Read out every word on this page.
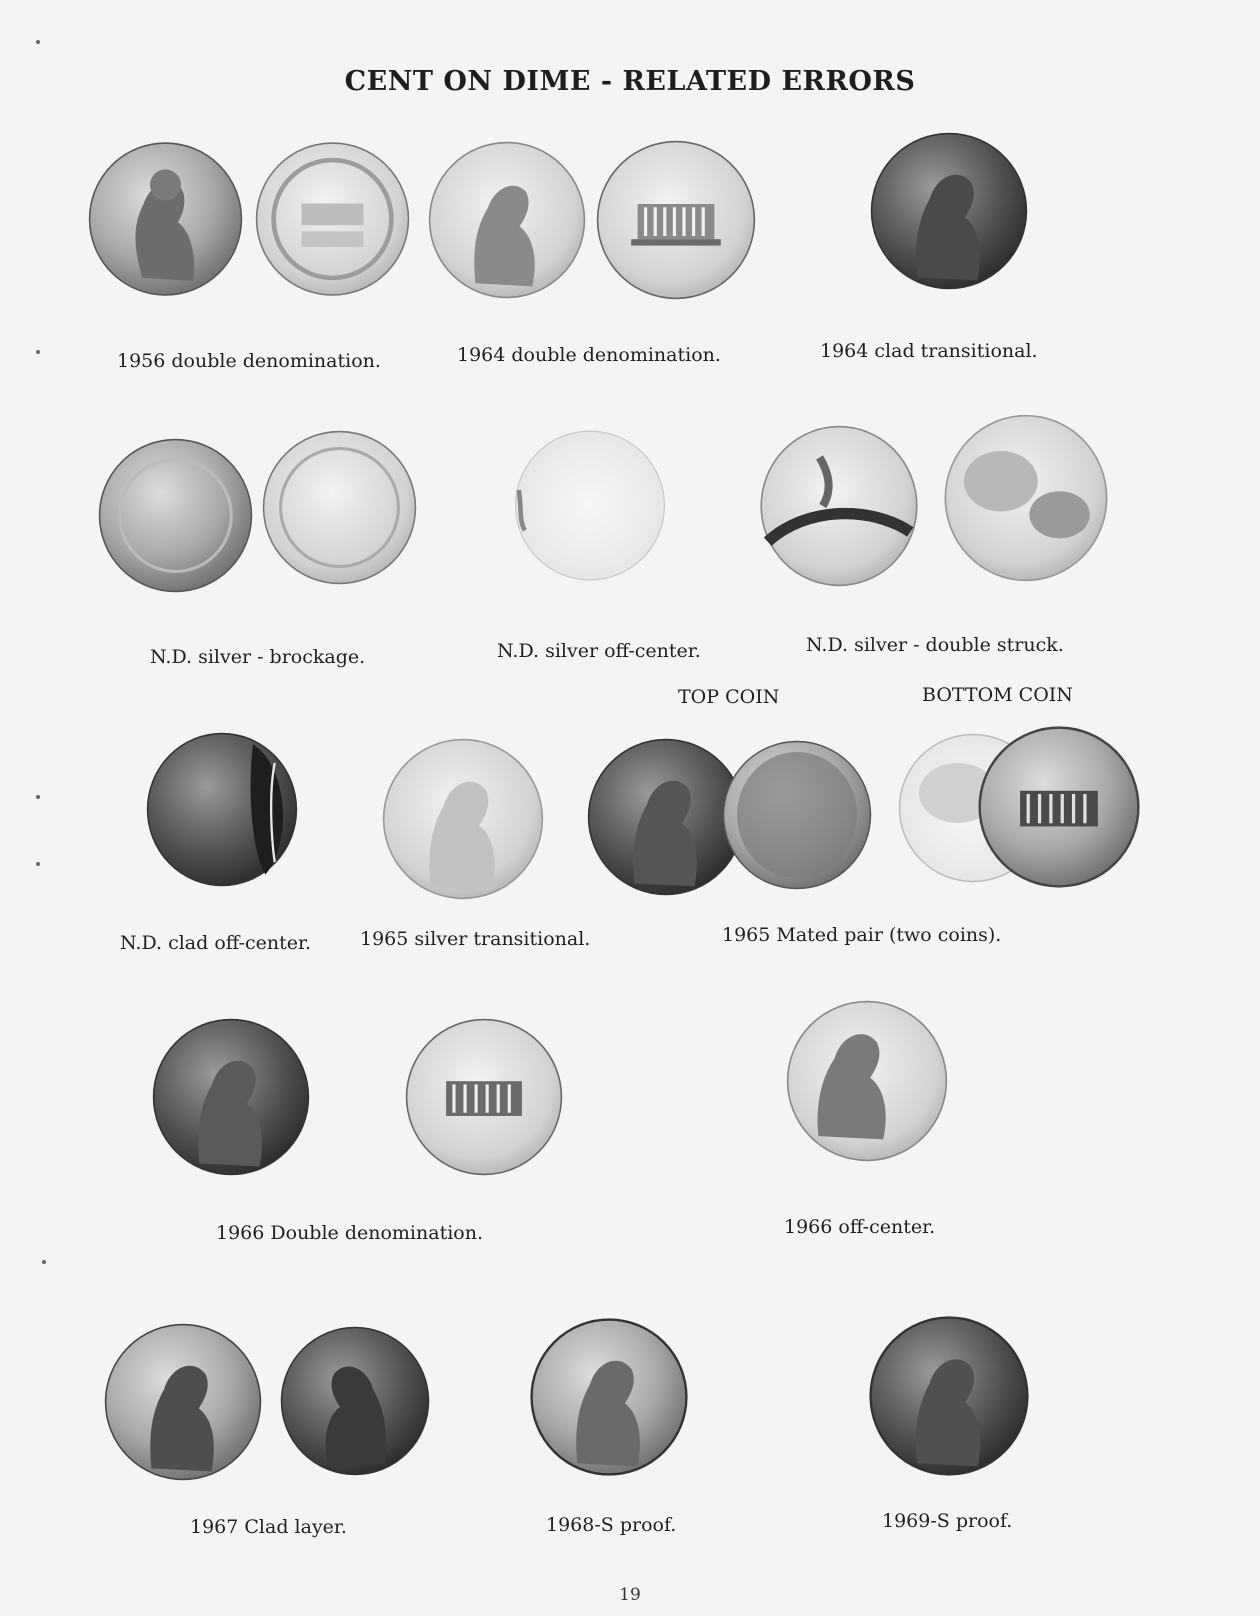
CENT ON DIME - RELATED ERRORS
1956 double denomination.	1964 double denomination.	1964 clad transitional.
N.D. silver - brockage.	N.D. silver off-center.	N.D. silver - double struck.
TOP COIN	BOTTOM COIN
N.D. clad off-center.	1965 silver transitional.	1965 Mated pair (two coins).
1966 Double denomination.	1966 off-center.
1967 Clad layer.	1968-S proof.	1969-S proof.
19
